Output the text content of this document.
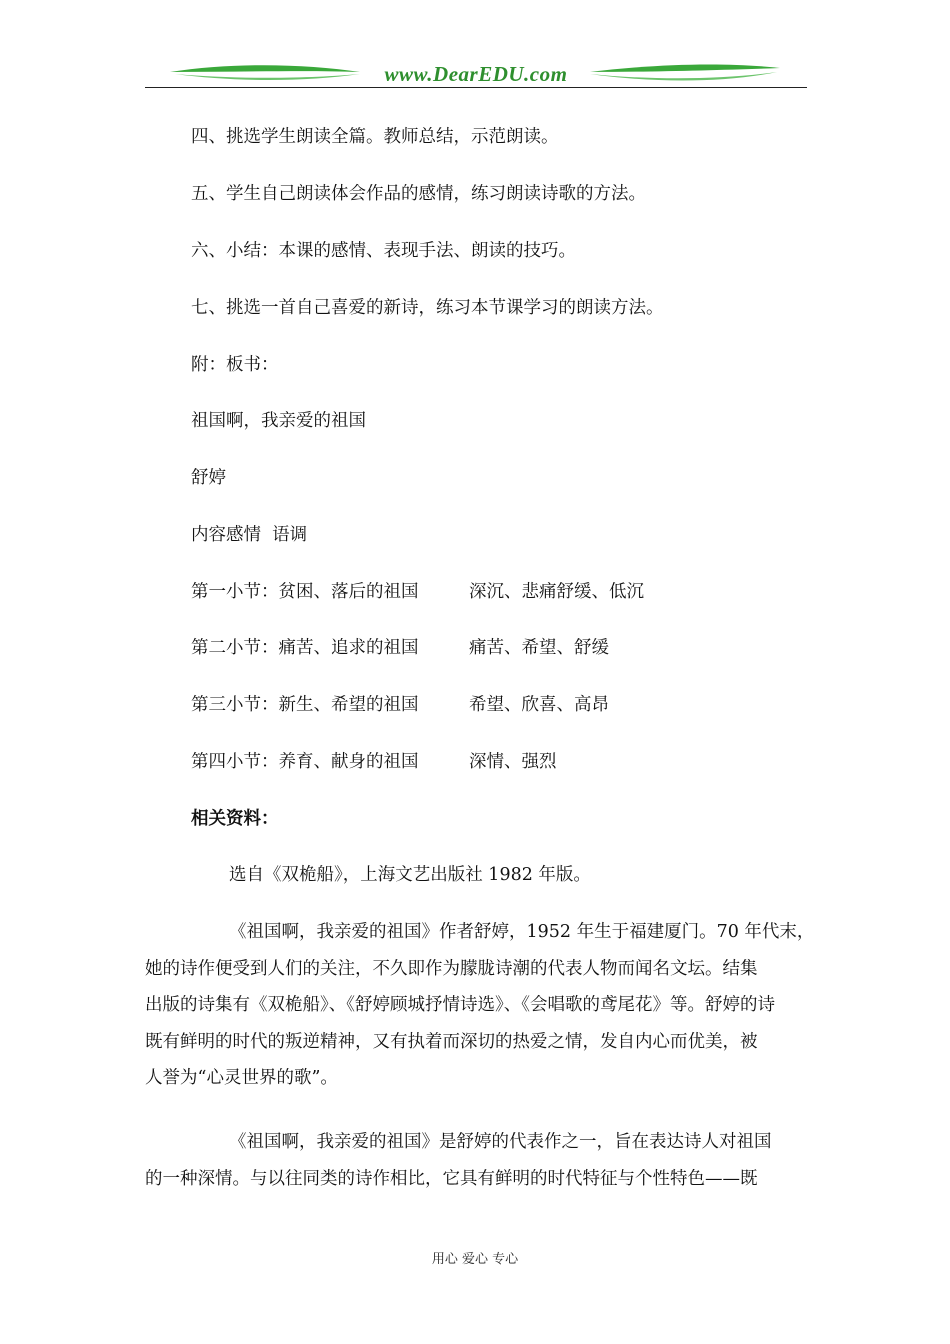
www.DearEDU.com
四、挑选学生朗读全篇。教师总结，示范朗读。
五、学生自己朗读体会作品的感情，练习朗读诗歌的方法。
六、小结：本课的感情、表现手法、朗读的技巧。
七、挑选一首自己喜爱的新诗，练习本节课学习的朗读方法。
附：板书：
祖国啊，我亲爱的祖国
舒婷
内容感情  语调
第一小节：贫困、落后的祖国	深沉、悲痛舒缓、低沉
第二小节：痛苦、追求的祖国	痛苦、希望、舒缓
第三小节：新生、希望的祖国	希望、欣喜、高昂
第四小节：养育、献身的祖国	深情、强烈
相关资料：
选自《双桅船》，上海文艺出版社 1982 年版。
《祖国啊，我亲爱的祖国》作者舒婷，1952 年生于福建厦门。70 年代末，
她的诗作便受到人们的关注，不久即作为朦胧诗潮的代表人物而闻名文坛。结集
出版的诗集有《双桅船》、《舒婷顾城抒情诗选》、《会唱歌的鸢尾花》等。舒婷的诗
既有鲜明的时代的叛逆精神，又有执着而深切的热爱之情，发自内心而优美，被
人誉为“心灵世界的歌”。
《祖国啊，我亲爱的祖国》是舒婷的代表作之一，旨在表达诗人对祖国
的一种深情。与以往同类的诗作相比，它具有鲜明的时代特征与个性特色——既
用心 爱心 专心
